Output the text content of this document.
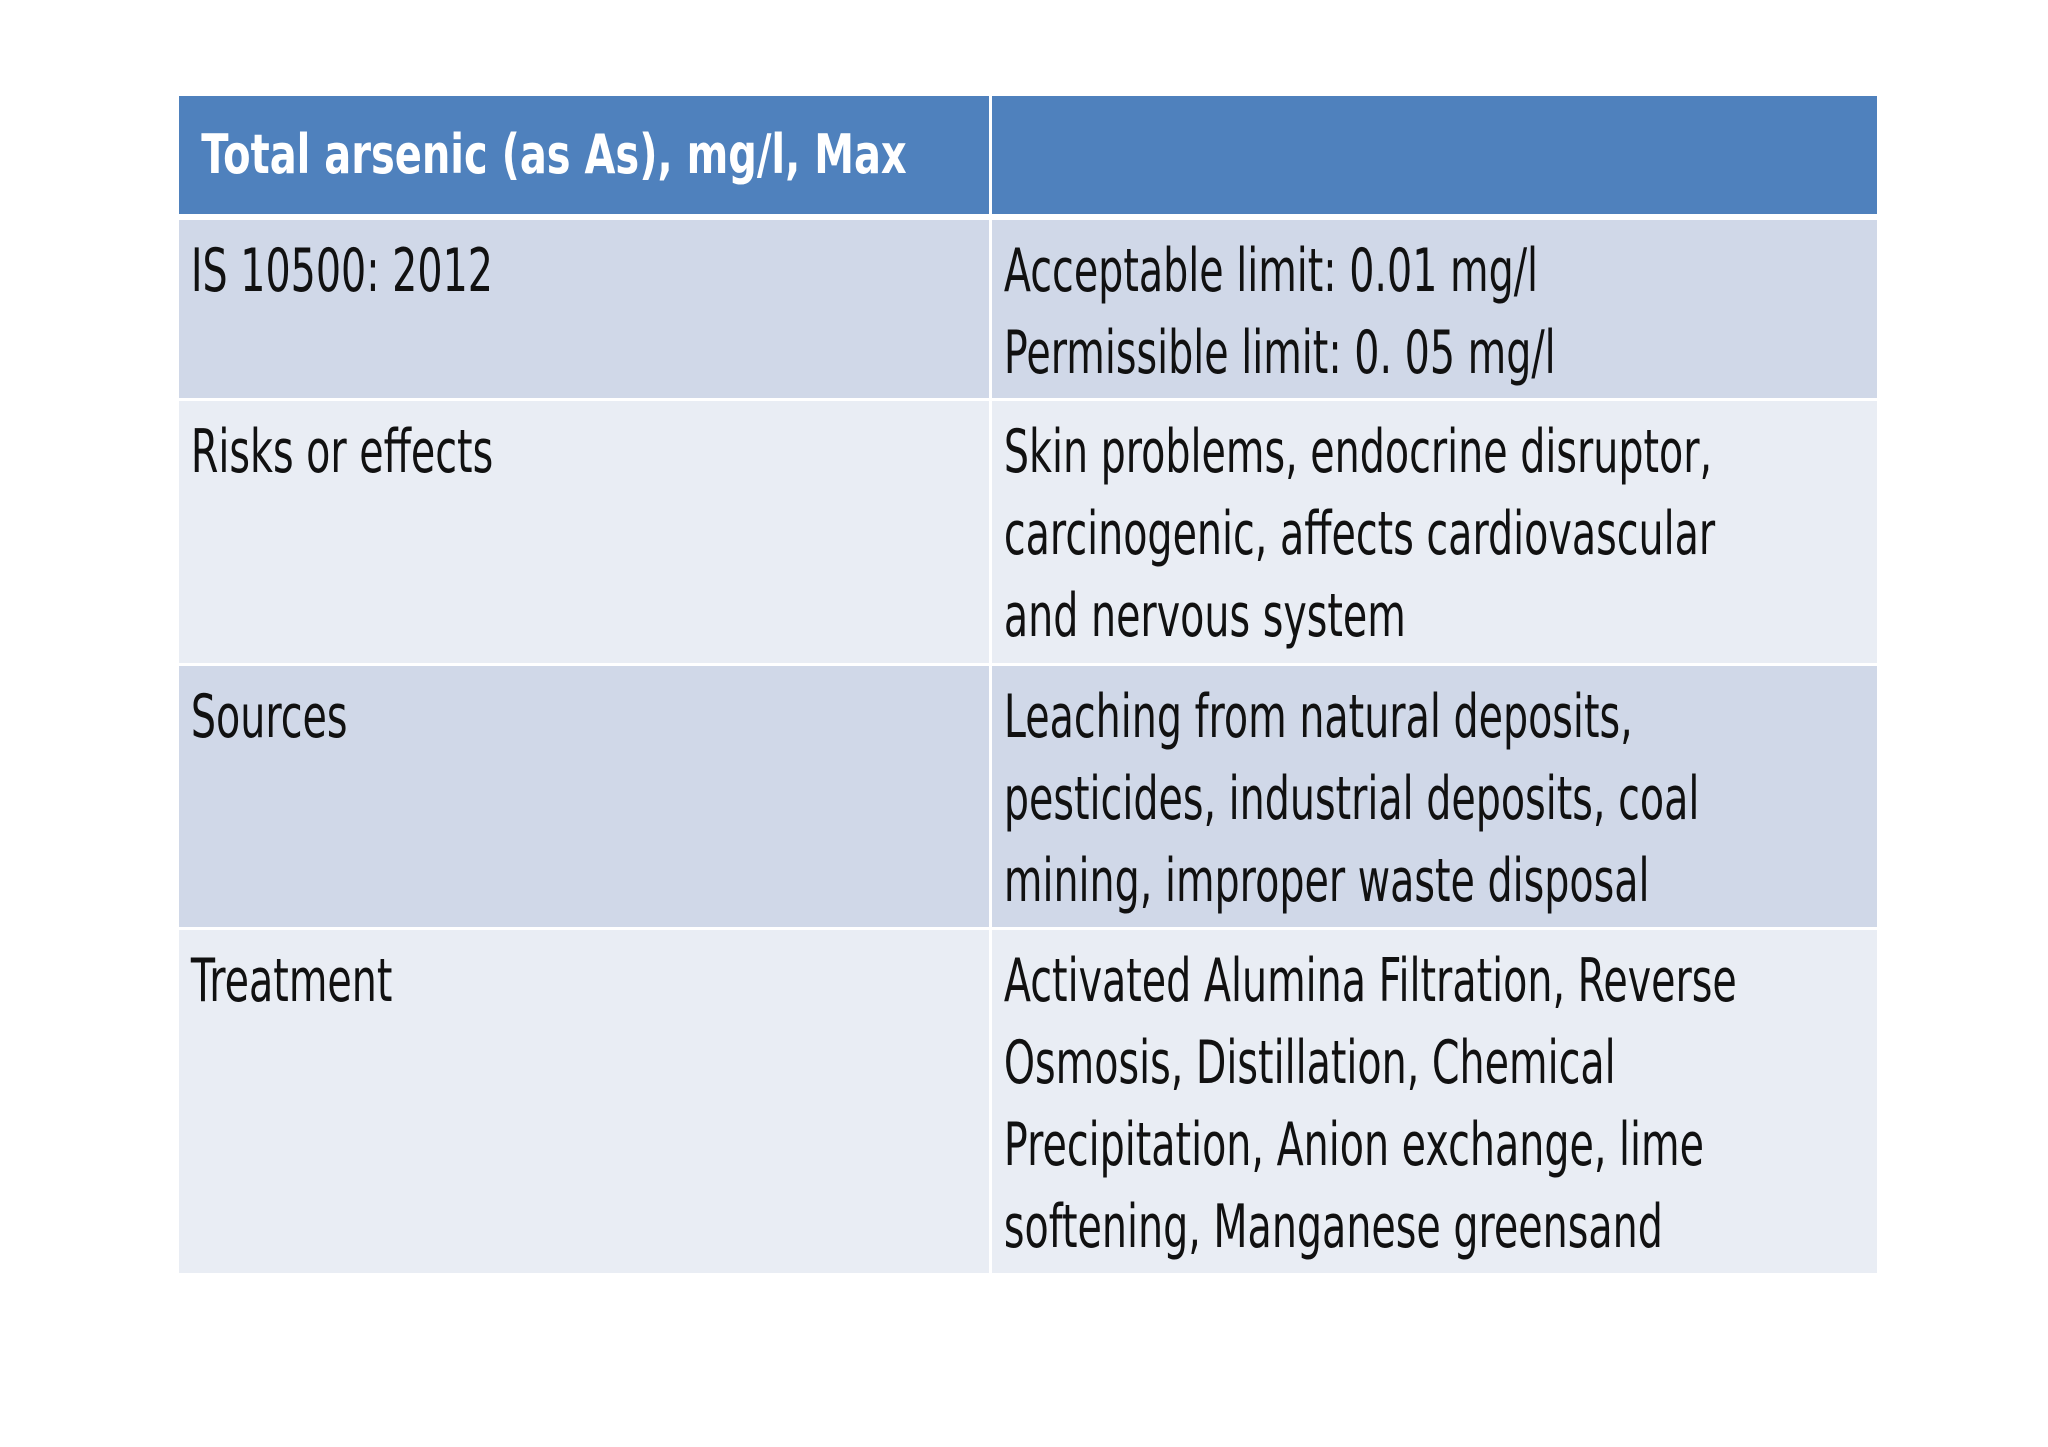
Total arsenic (as As), mg/l, Max	

IS 10500: 2012	Acceptable limit: 0.01 mg/l
Permissible limit: 0. 05 mg/l

Risks or effects	Skin problems, endocrine disruptor,
carcinogenic, affects cardiovascular
and nervous system

Sources	Leaching from natural deposits,
pesticides, industrial deposits, coal
mining, improper waste disposal

Treatment	Activated Alumina Filtration, Reverse
Osmosis, Distillation, Chemical
Precipitation, Anion exchange, lime
softening, Manganese greensand
